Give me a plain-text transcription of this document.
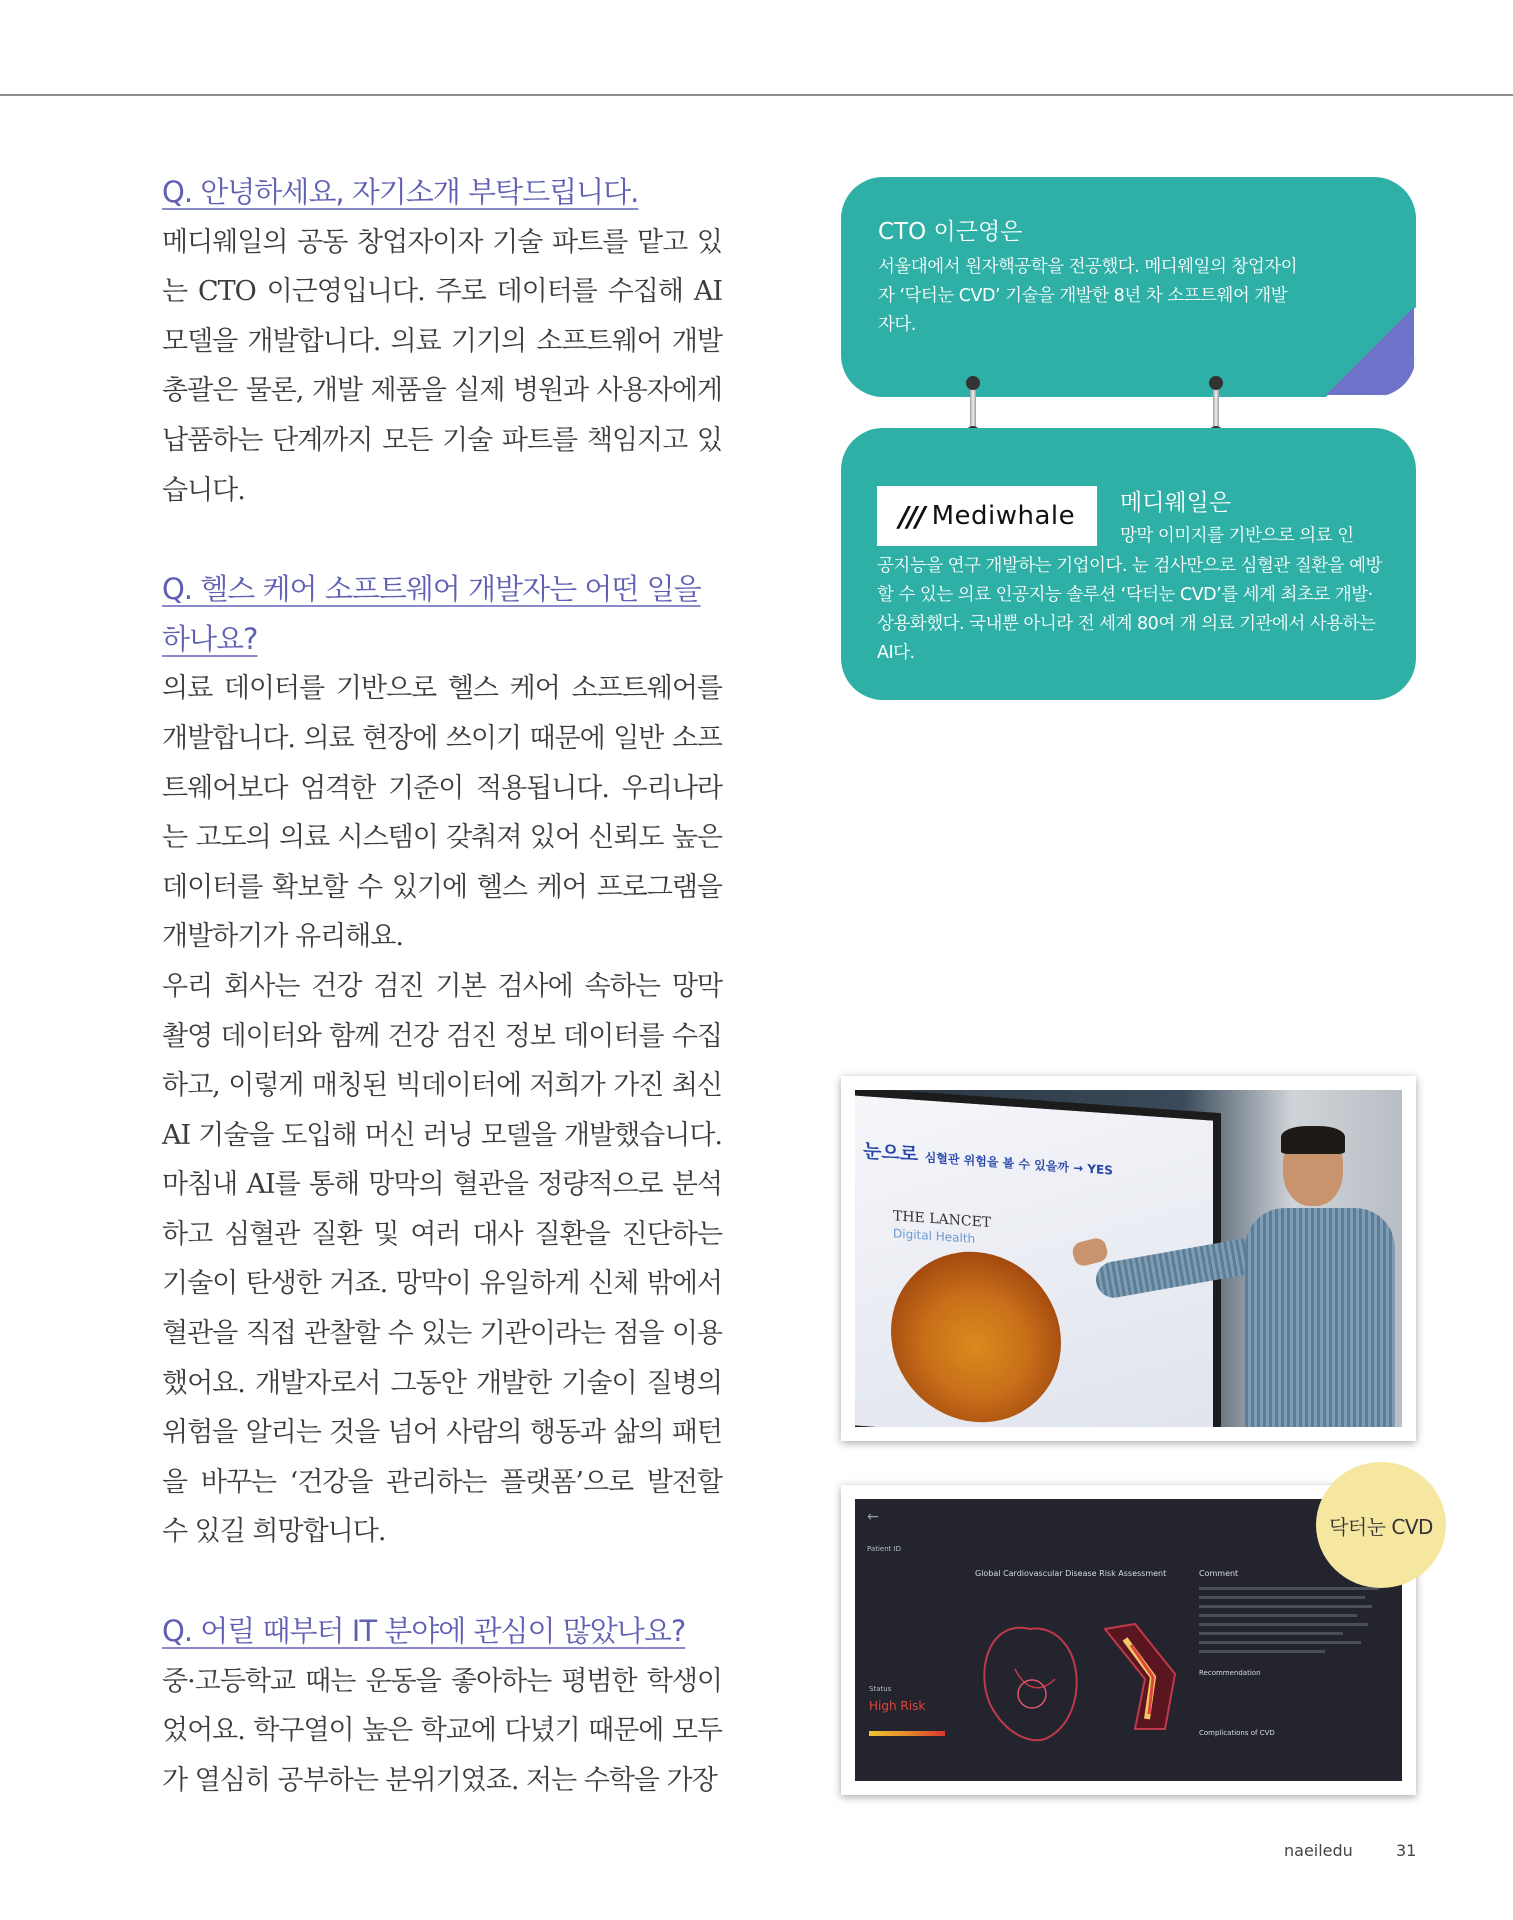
Q. 안녕하세요, 자기소개 부탁드립니다.

메디웨일의 공동 창업자이자 기술 파트를 맡고 있는 CTO 이근영입니다. 주로 데이터를 수집해 AI 모델을 개발합니다. 의료 기기의 소프트웨어 개발 총괄은 물론, 개발 제품을 실제 병원과 사용자에게 납품하는 단계까지 모든 기술 파트를 책임지고 있습니다.

Q. 헬스 케어 소프트웨어 개발자는 어떤 일을 하나요?

의료 데이터를 기반으로 헬스 케어 소프트웨어를 개발합니다. 의료 현장에 쓰이기 때문에 일반 소프트웨어보다 엄격한 기준이 적용됩니다. 우리나라는 고도의 의료 시스템이 갖춰져 있어 신뢰도 높은 데이터를 확보할 수 있기에 헬스 케어 프로그램을 개발하기가 유리해요.

우리 회사는 건강 검진 기본 검사에 속하는 망막 촬영 데이터와 함께 건강 검진 정보 데이터를 수집하고, 이렇게 매칭된 빅데이터에 저희가 가진 최신 AI 기술을 도입해 머신 러닝 모델을 개발했습니다. 마침내 AI를 통해 망막의 혈관을 정량적으로 분석하고 심혈관 질환 및 여러 대사 질환을 진단하는 기술이 탄생한 거죠. 망막이 유일하게 신체 밖에서 혈관을 직접 관찰할 수 있는 기관이라는 점을 이용했어요. 개발자로서 그동안 개발한 기술이 질병의 위험을 알리는 것을 넘어 사람의 행동과 삶의 패턴을 바꾸는 ‘건강을 관리하는 플랫폼’으로 발전할 수 있길 희망합니다.

Q. 어릴 때부터 IT 분야에 관심이 많았나요?

중·고등학교 때는 운동을 좋아하는 평범한 학생이었어요. 학구열이 높은 학교에 다녔기 때문에 모두가 열심히 공부하는 분위기였죠. 저는 수학을 가장

CTO 이근영은

서울대에서 원자핵공학을 전공했다. 메디웨일의 창업자이자 ‘닥터눈 CVD’ 기술을 개발한 8년 차 소프트웨어 개발자다.

/// Mediwhale 메디웨일은

망막 이미지를 기반으로 의료 인

공지능을 연구 개발하는 기업이다. 눈 검사만으로 심혈관 질환을 예방할 수 있는 의료 인공지능 솔루션 ‘닥터눈 CVD’를 세계 최초로 개발·상용화했다. 국내뿐 아니라 전 세계 80여 개 의료 기관에서 사용하는 AI다.

눈으로 심혈관 위험을 볼 수 있을까 → YES
THE LANCET
Digital Health
←
Patient ID
Global Cardiovascular Disease Risk Assessment	Comment
Recommendation
Complications of CVD
Status
High Risk
닥터눈 CVD
naeiledu	31
